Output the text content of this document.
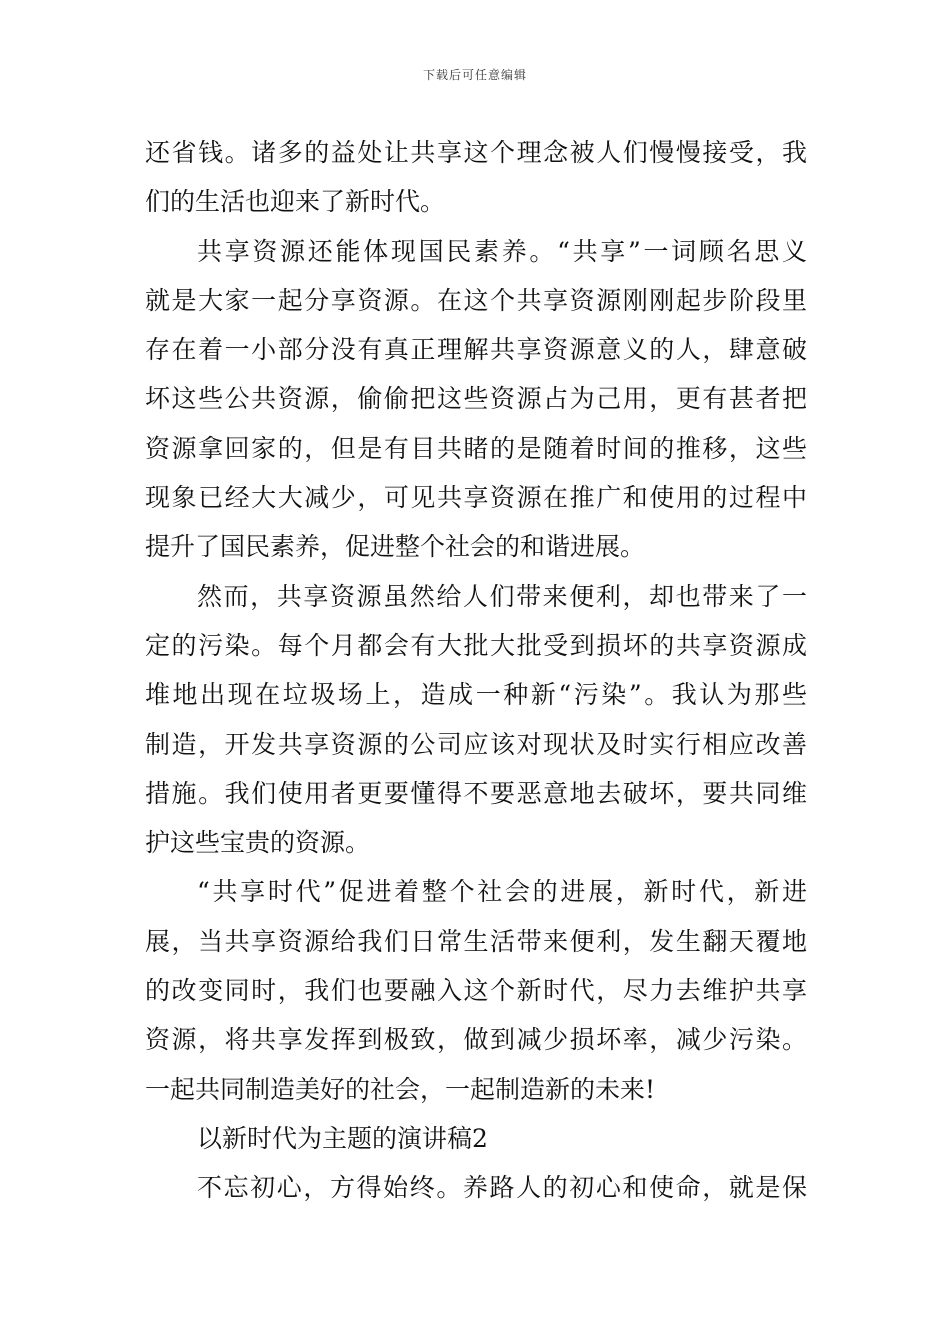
下载后可任意编辑
还省钱。诸多的益处让共享这个理念被人们慢慢接受，我
们的生活也迎来了新时代。
共享资源还能体现国民素养。“共享”一词顾名思义
就是大家一起分享资源。在这个共享资源刚刚起步阶段里
存在着一小部分没有真正理解共享资源意义的人，肆意破
坏这些公共资源，偷偷把这些资源占为己用，更有甚者把
资源拿回家的，但是有目共睹的是随着时间的推移，这些
现象已经大大减少，可见共享资源在推广和使用的过程中
提升了国民素养，促进整个社会的和谐进展。
然而，共享资源虽然给人们带来便利，却也带来了一
定的污染。每个月都会有大批大批受到损坏的共享资源成
堆地出现在垃圾场上，造成一种新“污染”。我认为那些
制造，开发共享资源的公司应该对现状及时实行相应改善
措施。我们使用者更要懂得不要恶意地去破坏，要共同维
护这些宝贵的资源。
“共享时代”促进着整个社会的进展，新时代，新进
展，当共享资源给我们日常生活带来便利，发生翻天覆地
的改变同时，我们也要融入这个新时代，尽力去维护共享
资源，将共享发挥到极致，做到减少损坏率，减少污染。
一起共同制造美好的社会，一起制造新的未来!
以新时代为主题的演讲稿2
不忘初心，方得始终。养路人的初心和使命，就是保
